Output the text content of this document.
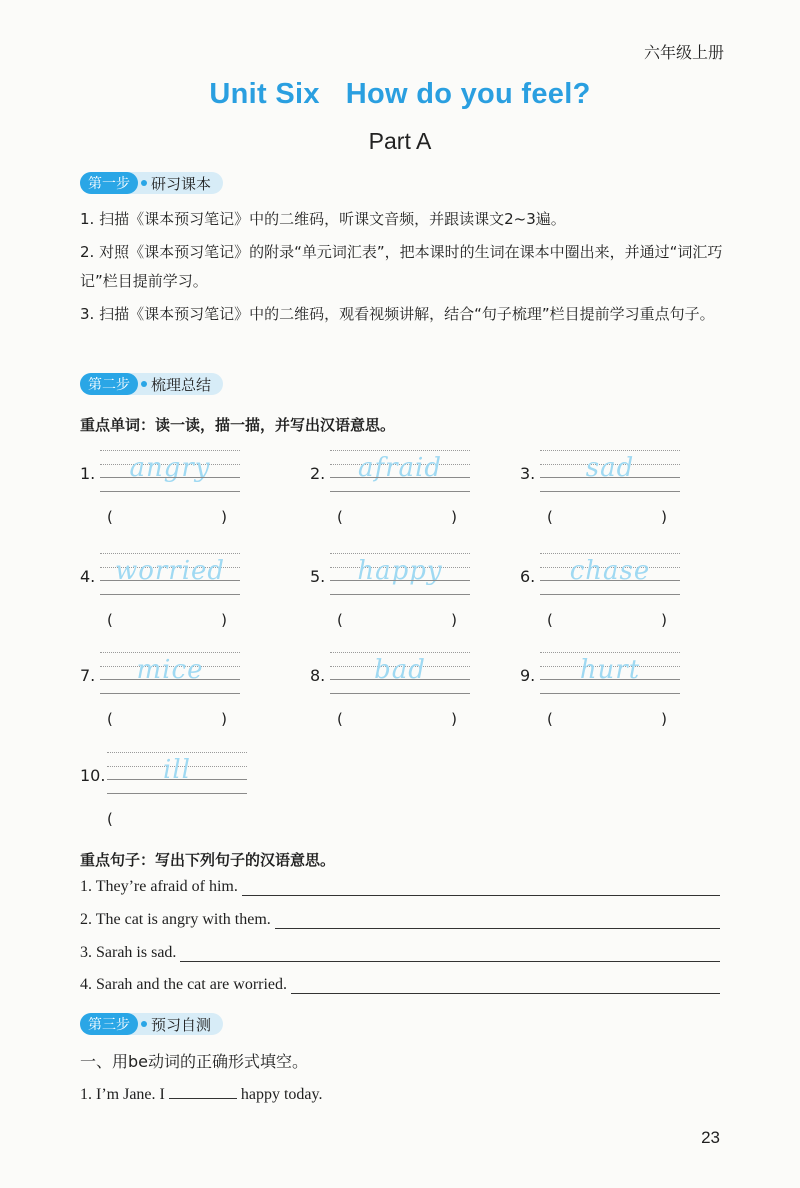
六年级上册
Unit Six How do you feel?
Part A
第一步	研习课本
1. 扫描《课本预习笔记》中的二维码，听课文音频，并跟读课文2~3遍。
2. 对照《课本预习笔记》的附录“单元词汇表”，把本课时的生词在课本中圈出来，并通过“词汇巧记”栏目提前学习。
3. 扫描《课本预习笔记》中的二维码，观看视频讲解，结合“句子梳理”栏目提前学习重点句子。
第二步	梳理总结
重点单词：读一读，描一描，并写出汉语意思。
1.	angry
(	)
2.	afraid
(	)
3.	sad
(	)
4. worried
(	)
5.	happy
(	)
6.	chase
(	)
7.	mice
(	)
8.	bad
(	)
9.	hurt
(	)
10.	ill
(
重点句子：写出下列句子的汉语意思。
1. They’re afraid of him.
2. The cat is angry with them.
3. Sarah is sad.
4. Sarah and the cat are worried.
第三步	预习自测
一、用be动词的正确形式填空。
1. I’m Jane. I	happy today.
23
